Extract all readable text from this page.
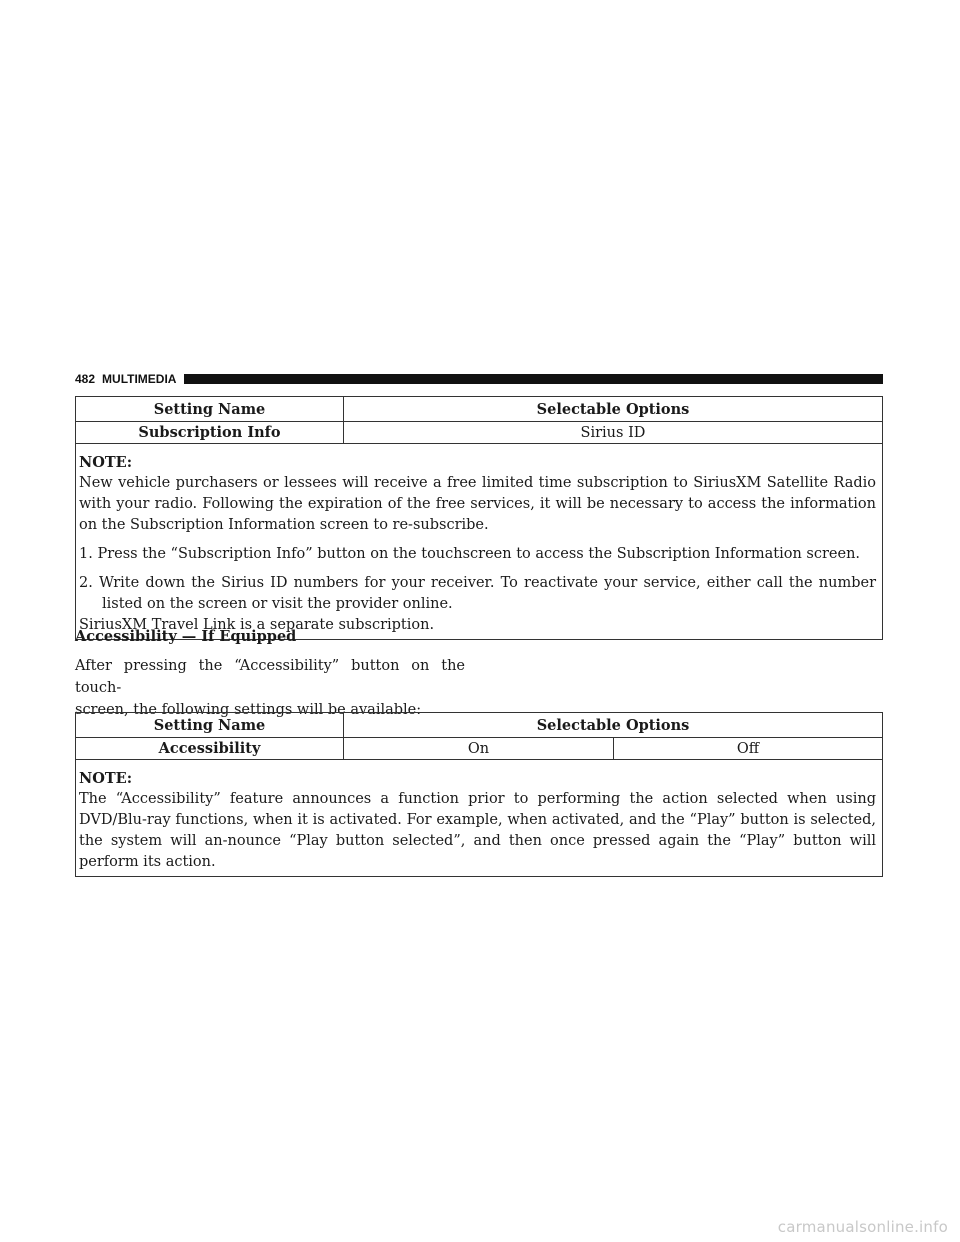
482 MULTIMEDIA
Setting Name	Selectable Options
Subscription Info	Sirius ID

NOTE:

New vehicle purchasers or lessees will receive a free limited time subscription to SiriusXM Satellite Radio with your radio. Following the expiration of the free services, it will be necessary to access the information on the Subscription Information screen to re-subscribe.

1. Press the “Subscription Info” button on the touchscreen to access the Subscription Information screen.

2. Write down the Sirius ID numbers for your receiver. To reactivate your service, either call the number listed on the screen or visit the provider online.

SiriusXM Travel Link is a separate subscription.	

Accessibility — If Equipped
After pressing the “Accessibility” button on the touch-
screen, the following settings will be available:
Setting Name	Selectable Options	
Accessibility	On	Off

NOTE:

The “Accessibility” feature announces a function prior to performing the action selected when using DVD/Blu-ray functions, when it is activated. For example, when activated, and the “Play” button is selected, the system will an-nounce “Play button selected”, and then once pressed again the “Play” button will perform its action.		

carmanualsonline.info
